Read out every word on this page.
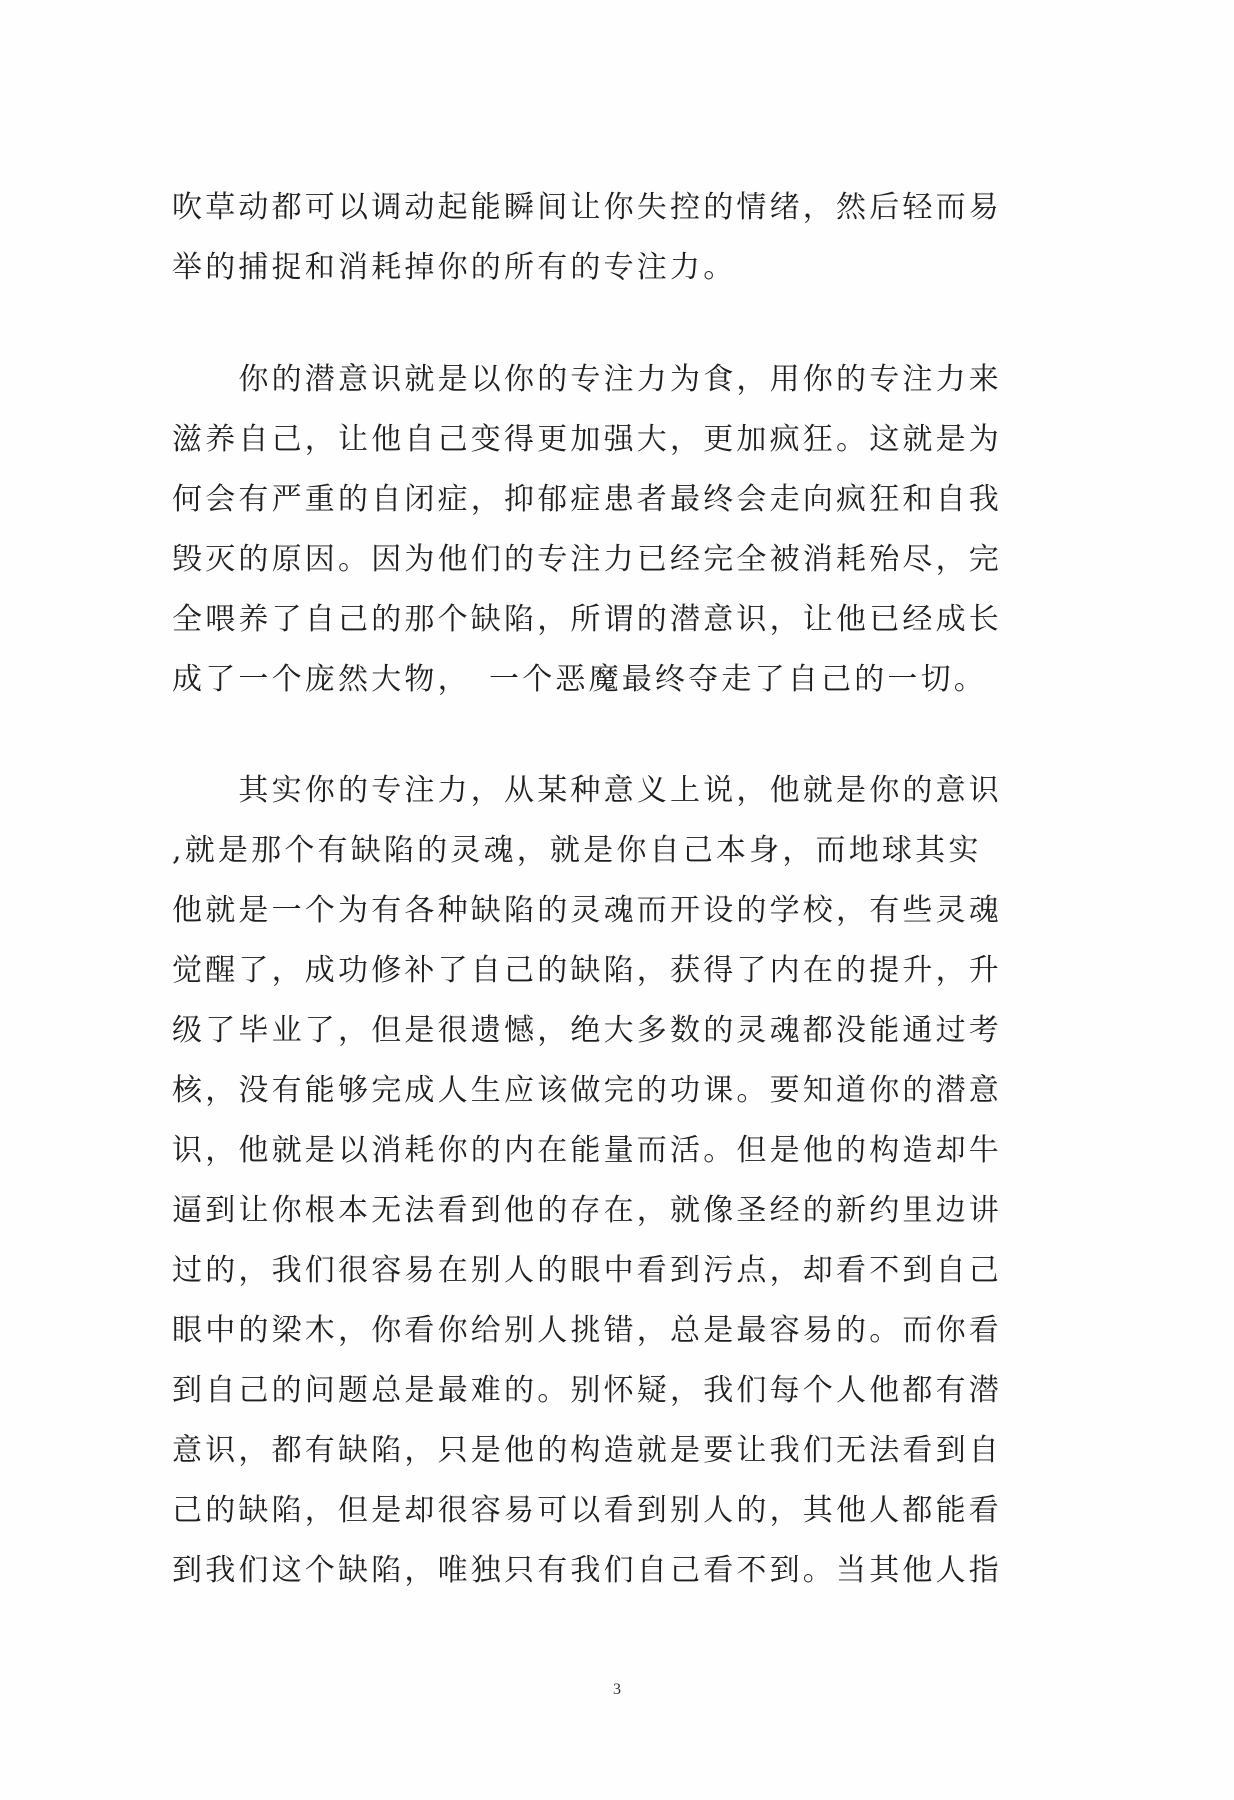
吹草动都可以调动起能瞬间让你失控的情绪，然后轻而易
举的捕捉和消耗掉你的所有的专注力。
　　你的潜意识就是以你的专注力为食，用你的专注力来
滋养自己，让他自己变得更加强大，更加疯狂。这就是为
何会有严重的自闭症，抑郁症患者最终会走向疯狂和自我
毁灭的原因。因为他们的专注力已经完全被消耗殆尽，完
全喂养了自己的那个缺陷，所谓的潜意识，让他已经成长
成了一个庞然大物，　一个恶魔最终夺走了自己的一切。
　　其实你的专注力，从某种意义上说，他就是你的意识
,就是那个有缺陷的灵魂，就是你自己本身，而地球其实
他就是一个为有各种缺陷的灵魂而开设的学校，有些灵魂
觉醒了，成功修补了自己的缺陷，获得了内在的提升，升
级了毕业了，但是很遗憾，绝大多数的灵魂都没能通过考
核，没有能够完成人生应该做完的功课。要知道你的潜意
识，他就是以消耗你的内在能量而活。但是他的构造却牛
逼到让你根本无法看到他的存在，就像圣经的新约里边讲
过的，我们很容易在别人的眼中看到污点，却看不到自己
眼中的梁木，你看你给别人挑错，总是最容易的。而你看
到自己的问题总是最难的。别怀疑，我们每个人他都有潜
意识，都有缺陷，只是他的构造就是要让我们无法看到自
己的缺陷，但是却很容易可以看到别人的，其他人都能看
到我们这个缺陷，唯独只有我们自己看不到。当其他人指
3
